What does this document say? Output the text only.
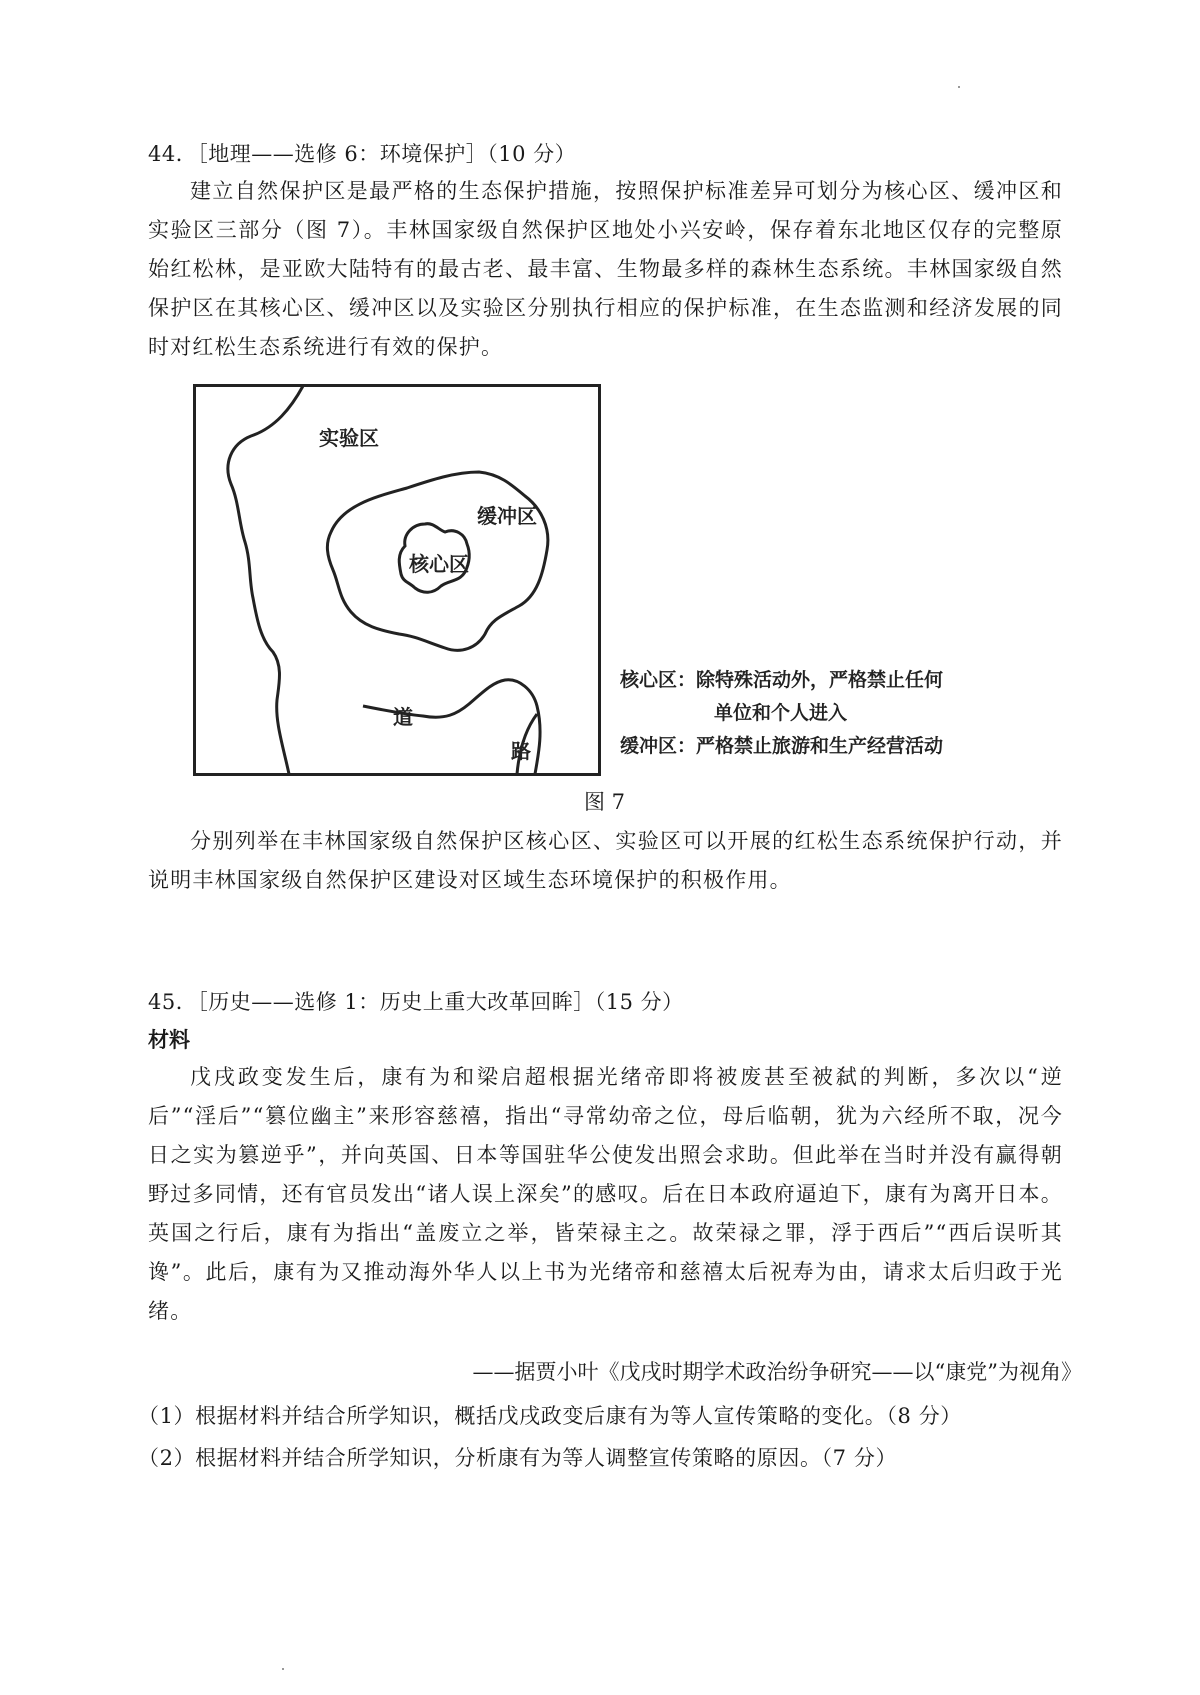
44．［地理——选修 6：环境保护］（10 分）

建立自然保护区是最严格的生态保护措施，按照保护标准差异可划分为核心区、缓冲区和实验区三部分（图 7）。丰林国家级自然保护区地处小兴安岭，保存着东北地区仅存的完整原始红松林，是亚欧大陆特有的最古老、最丰富、生物最多样的森林生态系统。丰林国家级自然保护区在其核心区、缓冲区以及实验区分别执行相应的保护标准，在生态监测和经济发展的同时对红松生态系统进行有效的保护。

实验区
缓冲区
核心区
道
路
核心区：除特殊活动外，严格禁止任何
单位和个人进入
缓冲区：严格禁止旅游和生产经营活动
图 7

分别列举在丰林国家级自然保护区核心区、实验区可以开展的红松生态系统保护行动，并说明丰林国家级自然保护区建设对区域生态环境保护的积极作用。

45．［历史——选修 1：历史上重大改革回眸］（15 分）
材料

戊戌政变发生后，康有为和梁启超根据光绪帝即将被废甚至被弑的判断，多次以“逆后”“淫后”“篡位幽主”来形容慈禧，指出“寻常幼帝之位，母后临朝，犹为六经所不取，况今日之实为篡逆乎”，并向英国、日本等国驻华公使发出照会求助。但此举在当时并没有赢得朝野过多同情，还有官员发出“诸人误上深矣”的感叹。后在日本政府逼迫下，康有为离开日本。英国之行后，康有为指出“盖废立之举，皆荣禄主之。故荣禄之罪，浮于西后”“西后误听其谗”。此后，康有为又推动海外华人以上书为光绪帝和慈禧太后祝寿为由，请求太后归政于光绪。

——据贾小叶《戊戌时期学术政治纷争研究——以“康党”为视角》
（1）根据材料并结合所学知识，概括戊戌政变后康有为等人宣传策略的变化。（8 分）
（2）根据材料并结合所学知识，分析康有为等人调整宣传策略的原因。（7 分）
